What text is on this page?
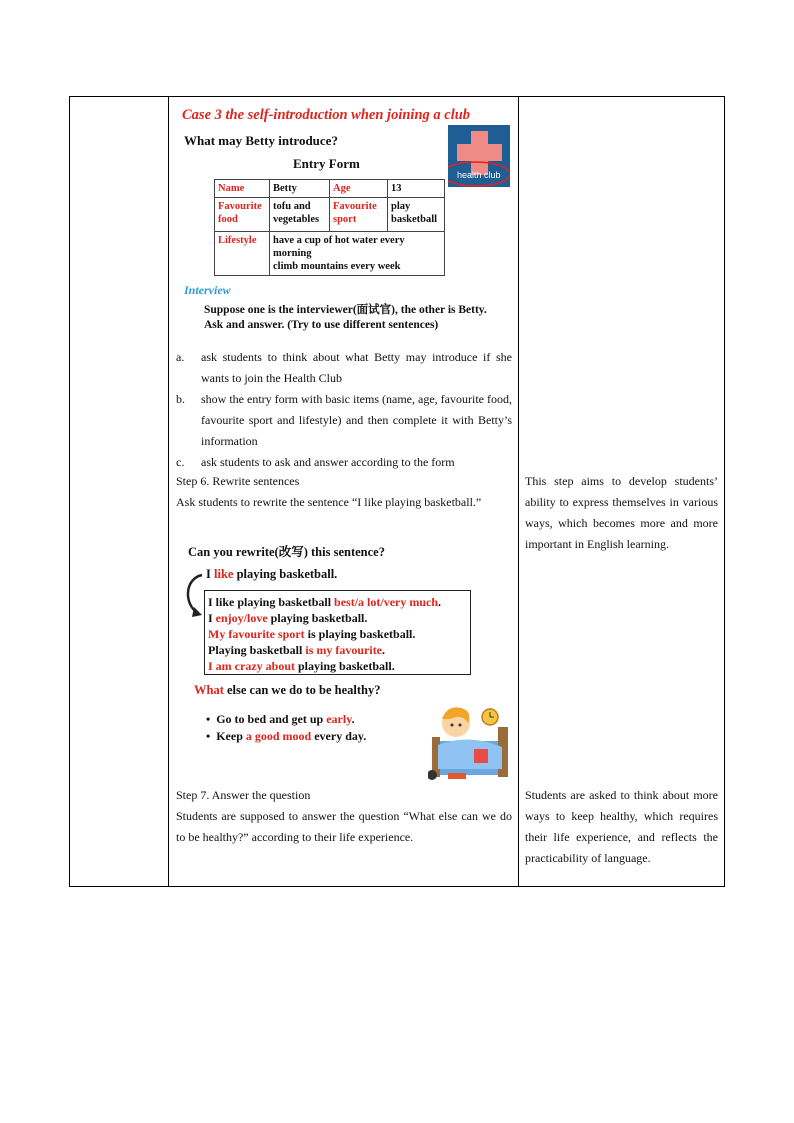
Case 3 the self-introduction when joining a club
What may Betty introduce?
Entry Form
health club
Name	Betty	Age	13
Favourite food	tofu and vegetables	Favourite sport	play basketball
Lifestyle	have a cup of hot water every morning
climb mountains every week		
Interview
Suppose one is the interviewer(面试官), the other is Betty.
Ask and answer. (Try to use different sentences)
a. ask students to think about what Betty may introduce if she wants to join the Health Club
b. show the entry form with basic items (name, age, favourite food, favourite sport and lifestyle) and then complete it with Betty’s information
c. ask students to ask and answer according to the form
Step 6. Rewrite sentences
Ask students to rewrite the sentence “I like playing basketball.”
Can you rewrite(改写) this sentence?
I like playing basketball.
I like playing basketball best/a lot/very much.
I enjoy/love playing basketball.
My favourite sport is playing basketball.
Playing basketball is my favourite.
I am crazy about playing basketball.
What else can we do to be healthy?
•  Go to bed and get up early.
•  Keep a good mood every day.
Step 7. Answer the question
Students are supposed to answer the question “What else can we do to be healthy?” according to their life experience.
This step aims to develop students’ ability to express themselves in various ways, which becomes more and more important in English learning.
Students are asked to think about more ways to keep healthy, which requires their life experience, and reflects the practicability of language.
